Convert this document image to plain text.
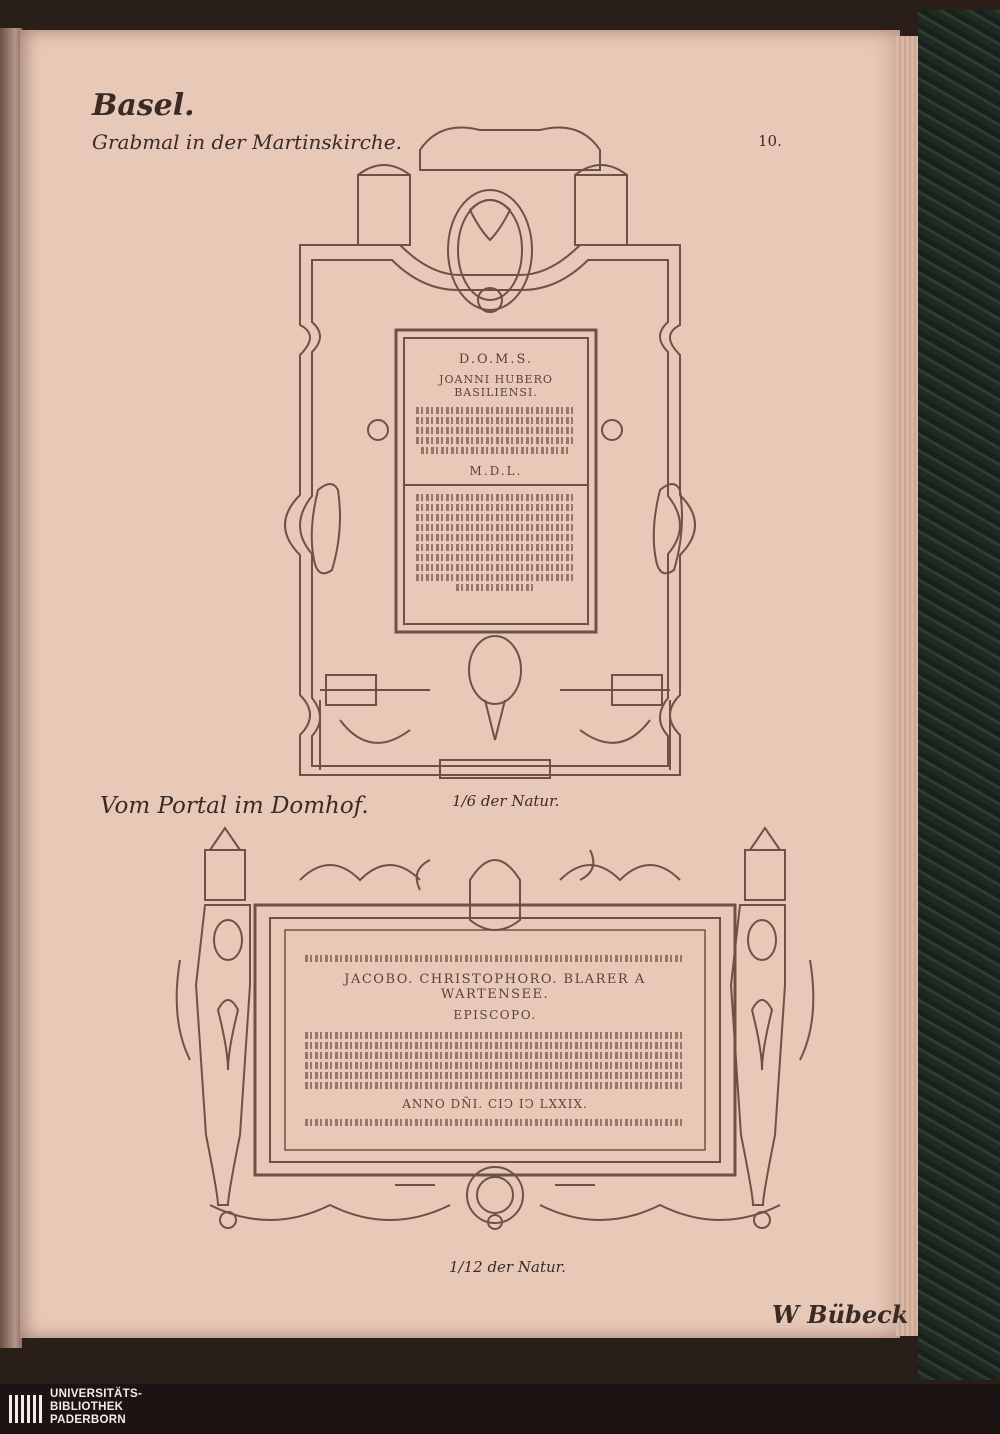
Basel.
Grabmal in der Martinskirche.	10.
D.O.M.S.
JOANNI HUBERO BASILIENSI.
M.D.L.
1/6 der Natur.
Vom Portal im Domhof.
JACOBO. CHRISTOPHORO. BLARER A WARTENSEE.
EPISCOPO.
ANNO DÑI. CIϽ IϽ LXXIX.
1/12 der Natur.
W Bübeck
UNIVERSITÄTS-
BIBLIOTHEK
PADERBORN
